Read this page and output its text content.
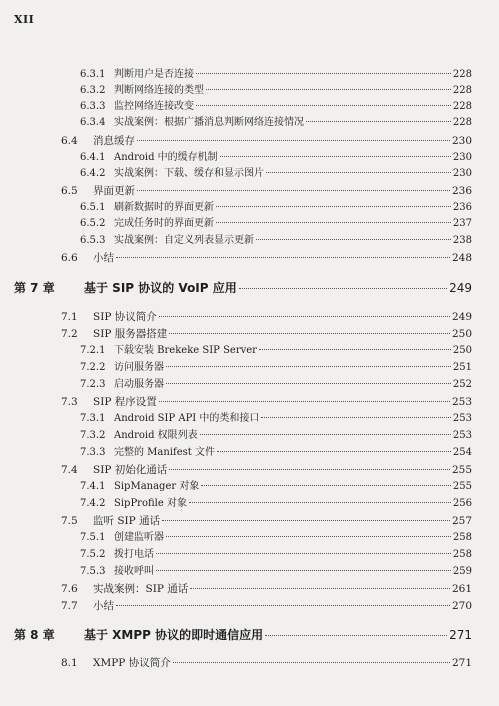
XII
6.3.1 判断用户是否连接	228
6.3.2 判断网络连接的类型	228
6.3.3 监控网络连接改变	228
6.3.4 实战案例：根据广播消息判断网络连接情况	228
6.4	消息缓存	230
6.4.1 Android 中的缓存机制	230
6.4.2 实战案例：下载、缓存和显示图片	230
6.5	界面更新	236
6.5.1 刷新数据时的界面更新	236
6.5.2 完成任务时的界面更新	237
6.5.3 实战案例：自定义列表显示更新	238
6.6	小结	248
第 7 章	基于 SIP 协议的 VoIP 应用	249
7.1	SIP 协议简介	249
7.2	SIP 服务器搭建	250
7.2.1 下载安装 Brekeke SIP Server	250
7.2.2 访问服务器	251
7.2.3 启动服务器	252
7.3	SIP 程序设置	253
7.3.1 Android SIP API 中的类和接口	253
7.3.2 Android 权限列表	253
7.3.3 完整的 Manifest 文件	254
7.4	SIP 初始化通话	255
7.4.1 SipManager 对象	255
7.4.2 SipProfile 对象	256
7.5	监听 SIP 通话	257
7.5.1 创建监听器	258
7.5.2 拨打电话	258
7.5.3 接收呼叫	259
7.6	实战案例：SIP 通话	261
7.7	小结	270
第 8 章	基于 XMPP 协议的即时通信应用	271
8.1	XMPP 协议简介	271
